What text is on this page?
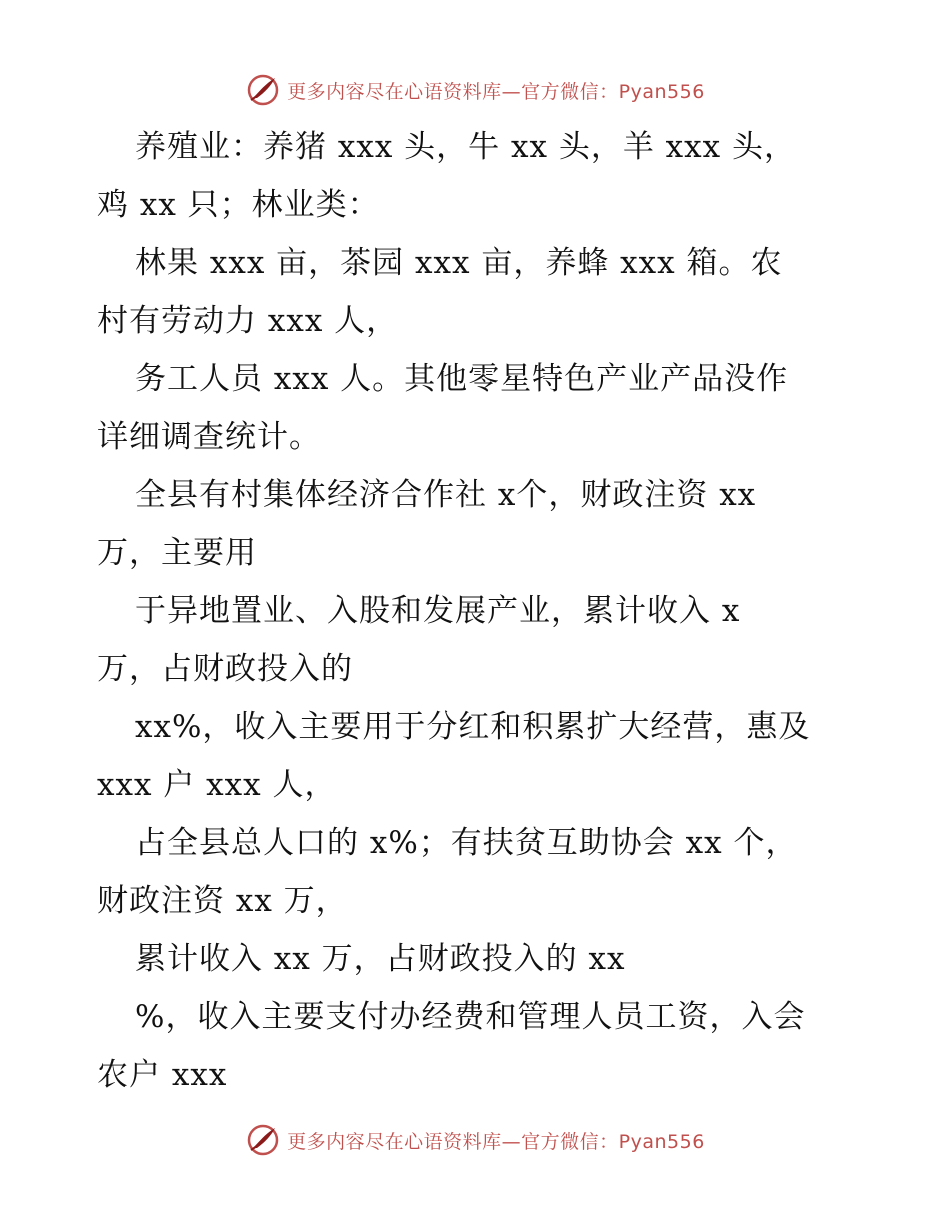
更多内容尽在心语资料库—官方微信：Pyan556
养殖业：养猪 xxx 头，牛 xx 头，羊 xxx 头，
鸡 xx 只；林业类：
林果 xxx 亩，茶园 xxx 亩，养蜂 xxx 箱。农
村有劳动力 xxx 人，
务工人员 xxx 人。其他零星特色产业产品没作
详细调查统计。
全县有村集体经济合作社 x个，财政注资 xx
万，主要用
于异地置业、入股和发展产业，累计收入 x
万，占财政投入的
xx%，收入主要用于分红和积累扩大经营，惠及
xxx 户 xxx 人，
占全县总人口的 x%；有扶贫互助协会 xx 个，
财政注资 xx 万，
累计收入 xx 万，占财政投入的 xx
%，收入主要支付办经费和管理人员工资，入会
农户 xxx
更多内容尽在心语资料库—官方微信：Pyan556
